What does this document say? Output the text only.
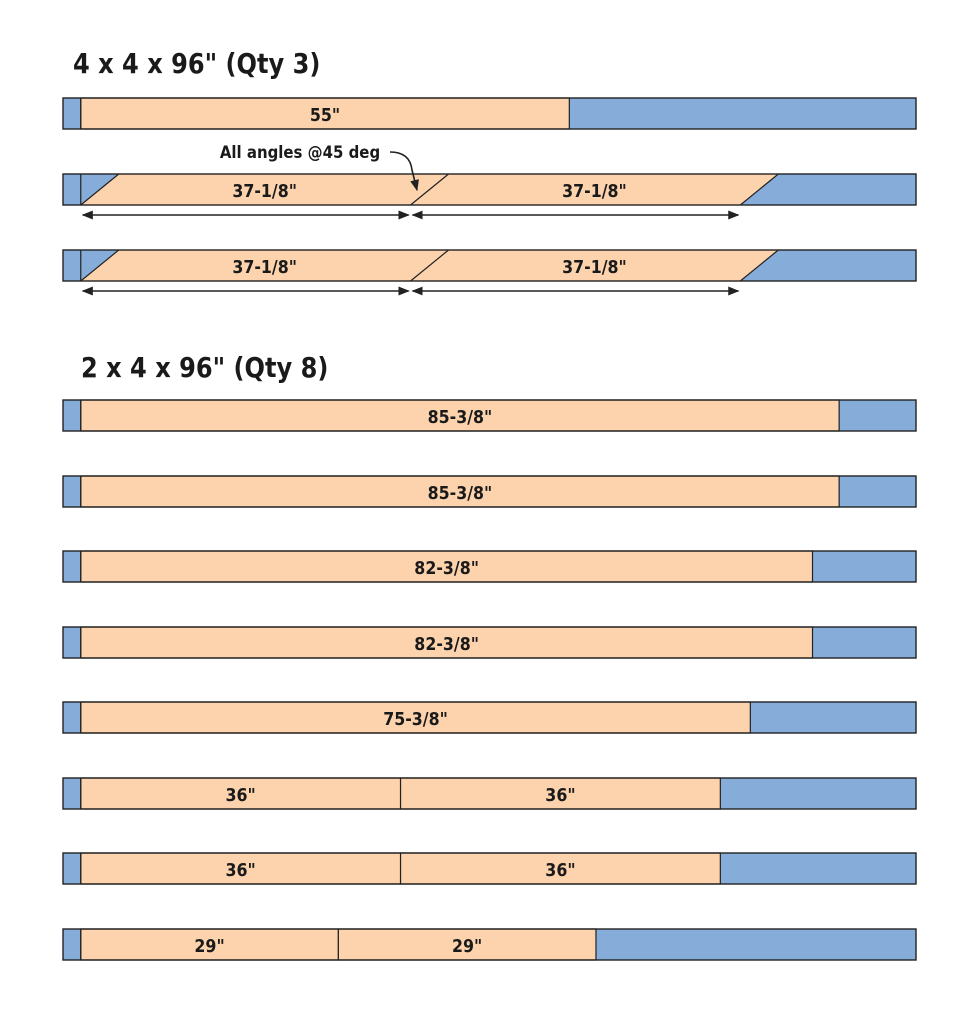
4 x 4 x 96" (Qty 3)
2 x 4 x 96" (Qty 8)
55"
37-1/8"	37-1/8"
37-1/8"	37-1/8"
85-3/8"
85-3/8"
82-3/8"
82-3/8"
75-3/8"
36"	36"
36"	36"
29"	29"
All angles @45 deg
